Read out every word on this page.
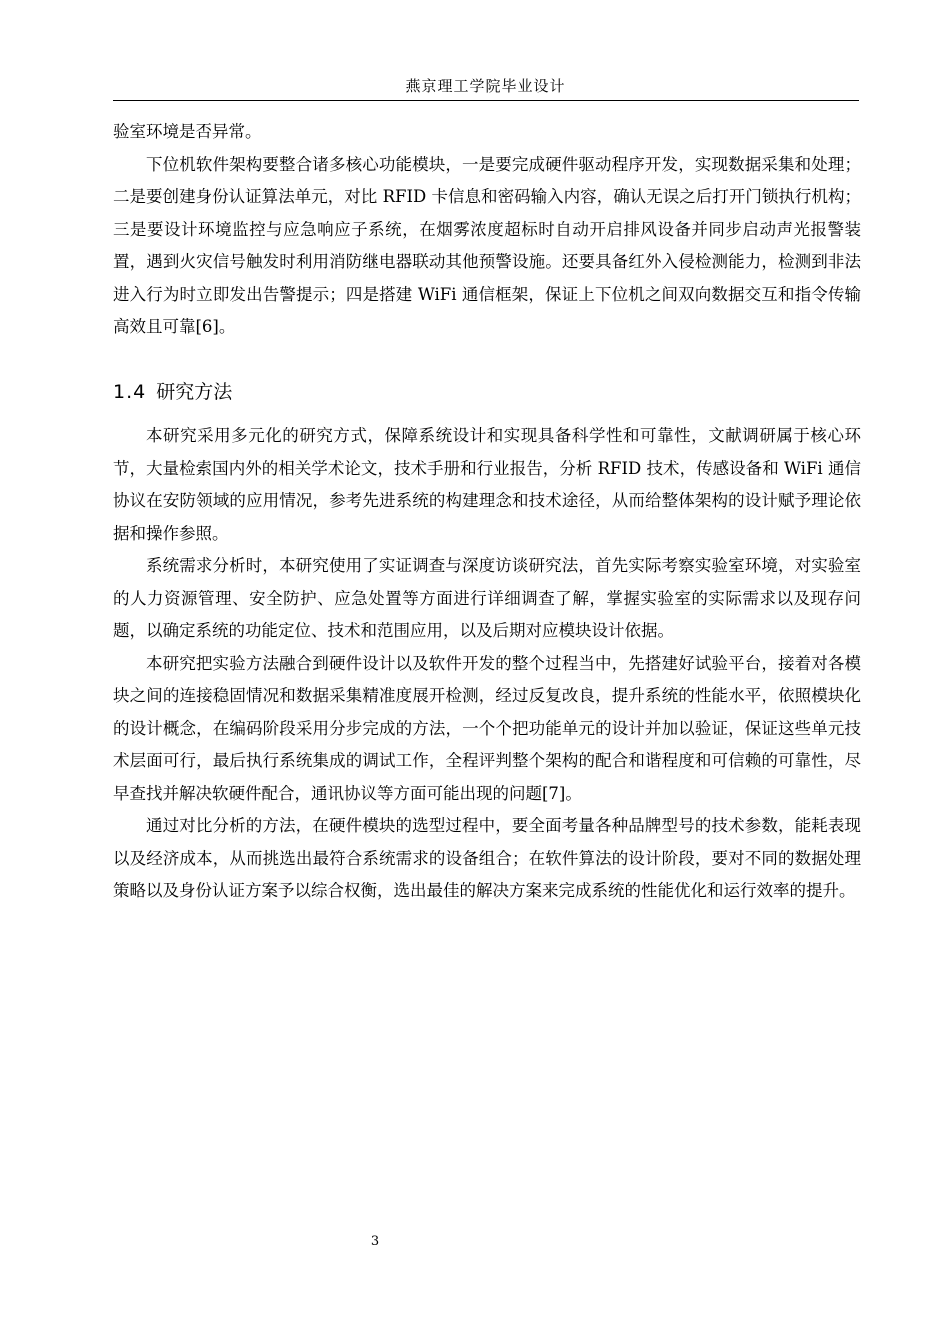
燕京理工学院毕业设计

验室环境是否异常。

下位机软件架构要整合诸多核心功能模块，一是要完成硬件驱动程序开发，实现数据采集和处理；二是要创建身份认证算法单元，对比 RFID 卡信息和密码输入内容，确认无误之后打开门锁执行机构；三是要设计环境监控与应急响应子系统，在烟雾浓度超标时自动开启排风设备并同步启动声光报警装置，遇到火灾信号触发时利用消防继电器联动其他预警设施。还要具备红外入侵检测能力，检测到非法进入行为时立即发出告警提示；四是搭建 WiFi 通信框架，保证上下位机之间双向数据交互和指令传输高效且可靠[6]。

1.4 研究方法

本研究采用多元化的研究方式，保障系统设计和实现具备科学性和可靠性，文献调研属于核心环节，大量检索国内外的相关学术论文，技术手册和行业报告，分析 RFID 技术，传感设备和 WiFi 通信协议在安防领域的应用情况，参考先进系统的构建理念和技术途径，从而给整体架构的设计赋予理论依据和操作参照。

系统需求分析时，本研究使用了实证调查与深度访谈研究法，首先实际考察实验室环境，对实验室的人力资源管理、安全防护、应急处置等方面进行详细调查了解，掌握实验室的实际需求以及现存问题，以确定系统的功能定位、技术和范围应用，以及后期对应模块设计依据。

本研究把实验方法融合到硬件设计以及软件开发的整个过程当中，先搭建好试验平台，接着对各模块之间的连接稳固情况和数据采集精准度展开检测，经过反复改良，提升系统的性能水平，依照模块化的设计概念，在编码阶段采用分步完成的方法，一个个把功能单元的设计并加以验证，保证这些单元技术层面可行，最后执行系统集成的调试工作，全程评判整个架构的配合和谐程度和可信赖的可靠性，尽早查找并解决软硬件配合，通讯协议等方面可能出现的问题[7]。

通过对比分析的方法，在硬件模块的选型过程中，要全面考量各种品牌型号的技术参数，能耗表现以及经济成本，从而挑选出最符合系统需求的设备组合；在软件算法的设计阶段，要对不同的数据处理策略以及身份认证方案予以综合权衡，选出最佳的解决方案来完成系统的性能优化和运行效率的提升。

3
